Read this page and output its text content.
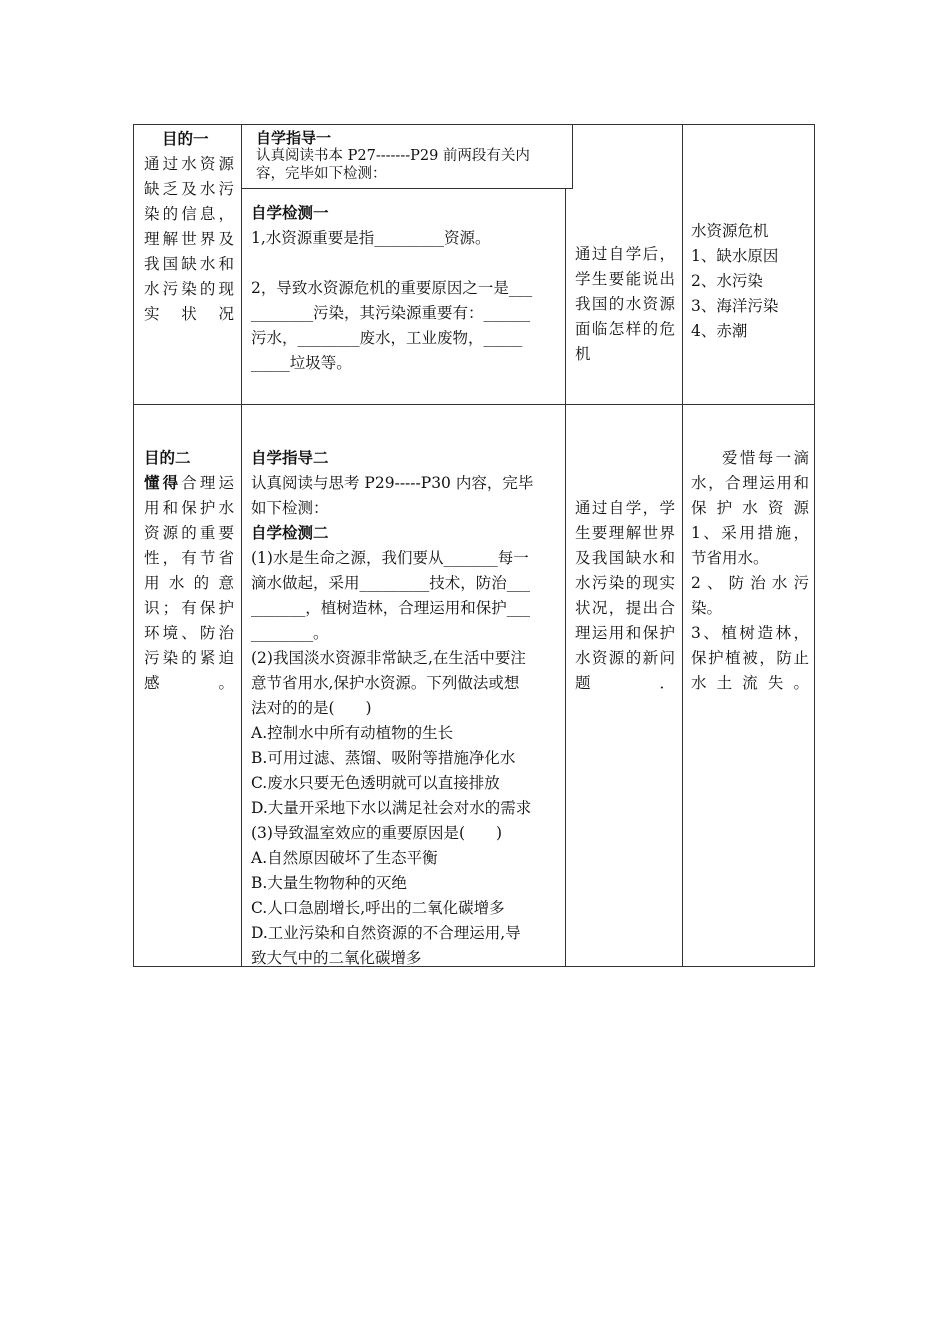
目的一
通过水资源缺乏及水污染的信息，理解世界及我国缺水和水污染的现实状况
自学指导一
认真阅读书本 P27-------P29 前两段有关内
容，完毕如下检测：
自学检测一
1,水资源重要是指_________资源。
2，导致水资源危机的重要原因之一是___
________污染，其污染源重要有：______
污水，________废水，工业废物，_____
_____垃圾等。
通过自学后，学生要能说出我国的水资源面临怎样的危机
水资源危机
1、缺水原因
2、水污染
3、海洋污染
4、赤潮
目的二
懂得合理运用和保护水资源的重要性，有节省用水的意识；有保护环境、防治污染的紧迫感。
自学指导二
认真阅读与思考 P29-----P30 内容，完毕
如下检测：
自学检测二
(1)水是生命之源，我们要从_______每一
滴水做起，采用_________技术，防治___
_______，植树造林，合理运用和保护___
________。
(2)我国淡水资源非常缺乏,在生活中要注
意节省用水,保护水资源。下列做法或想
法对的的是(　　)
A.控制水中所有动植物的生长
B.可用过滤、蒸馏、吸附等措施净化水
C.废水只要无色透明就可以直接排放
D.大量开采地下水以满足社会对水的需求
(3)导致温室效应的重要原因是(　　)
A.自然原因破坏了生态平衡
B.大量生物物种的灭绝
C.人口急剧增长,呼出的二氧化碳增多
D.工业污染和自然资源的不合理运用,导
致大气中的二氧化碳增多
通过自学，学生要理解世界及我国缺水和水污染的现实状况，提出合理运用和保护水资源的新问题．
爱惜每一滴水，合理运用和保护水资源
1、采用措施，节省用水。
2、防治水污染。
3、植树造林，保护植被，防止水土流失。
